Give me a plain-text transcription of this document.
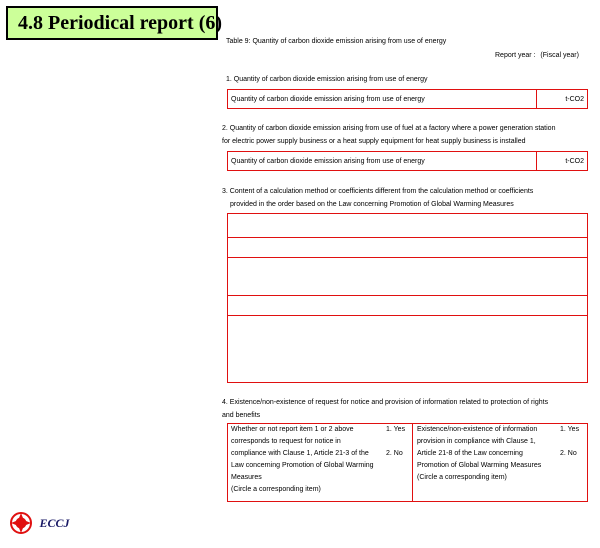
4.8 Periodical report (6)
Table 9: Quantity of carbon dioxide emission arising from use of energy
Report year : (Fiscal year)
1. Quantity of carbon dioxide emission arising from use of energy
Quantity of carbon dioxide emission arising from use of energy	t-CO2
2. Quantity of carbon dioxide emission arising from use of fuel at a factory where a power generation station
for electric power supply business or a heat supply equipment for heat supply business is installed
Quantity of carbon dioxide emission arising from use of energy	t-CO2
3. Content of a calculation method or coefficients different from the calculation method or coefficients
provided in the order based on the Law concerning Promotion of Global Warming Measures
4. Existence/non-existence of request for notice and provision of information related to protection of rights
and benefits
Whether or not report item 1 or 2 above
corresponds to request for notice in
compliance with Clause 1, Article 21-3 of the
Law concerning Promotion of Global Warming
Measures
(Circle a corresponding item)
1. Yes
2. No
Existence/non-existence of information
provision in compliance with Clause 1,
Article 21-8 of the Law concerning
Promotion of Global Warming Measures
(Circle a corresponding item)
1. Yes
2. No
ECCJ
